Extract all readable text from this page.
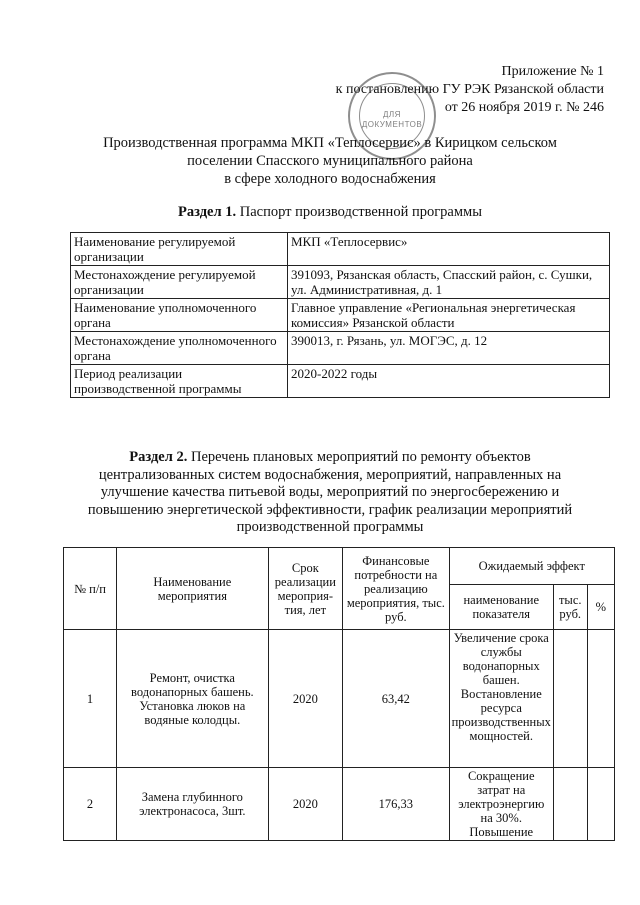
Приложение № 1
к постановлению ГУ РЭК Рязанской области
от 26 ноября 2019 г. № 246
ДЛЯ
ДОКУМЕНТОВ
Производственная программа МКП «Теплосервис» в Кирицком сельском
поселении Спасского муниципального района
в сфере холодного водоснабжения
Раздел 1. Паспорт производственной программы
Наименование регулируемой организации	МКП «Теплосервис»
Местонахождение регулируемой организации	391093, Рязанская область, Спасский район, с. Сушки, ул. Административная, д. 1
Наименование уполномоченного органа	Главное управление «Региональная энергетическая комиссия» Рязанской области
Местонахождение уполномоченного органа	390013, г. Рязань, ул. МОГЭС, д. 12
Период реализации производственной программы	2020-2022 годы
Раздел 2. Перечень плановых мероприятий по ремонту объектов централизованных систем водоснабжения, мероприятий, направленных на улучшение качества питьевой воды, мероприятий по энергосбережению и повышению энергетической эффективности, график реализации мероприятий производственной программы
№ п/п	Наименование мероприятия	Срок реализации мероприя-тия, лет	Финансовые потребности на реализацию мероприятия, тыс. руб.	Ожидаемый эффект		
				наименование показателя	тыс. руб.	%
1	Ремонт, очистка водонапорных башень. Установка люков на водяные колодцы.	2020	63,42	Увеличение срока службы водонапорных башен. Востановление ресурса производственных мощностей.		
2	Замена глубинного электронасоса, 3шт.	2020	176,33	Сокращение затрат на электроэнергию на 30%. Повышение		
